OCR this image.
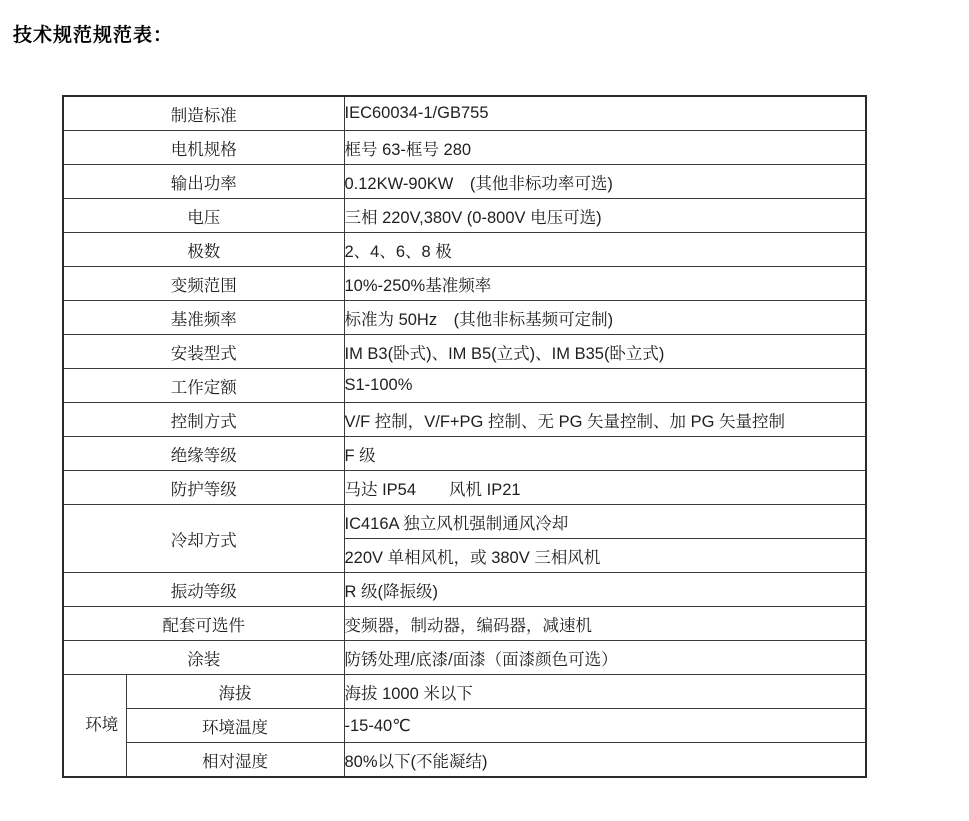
技术规范规范表：
制造标准		IEC60034-1/GB755
电机规格		框号 63-框号 280
输出功率		0.12KW-90KW　(其他非标功率可选)
电压		三相 220V,380V (0-800V 电压可选)
极数		2、4、6、8 极
变频范围		10%-250%基准频率
基准频率		标准为 50Hz　(其他非标基频可定制)
安装型式		IM B3(卧式)、IM B5(立式)、IM B35(卧立式)
工作定额		S1-100%
控制方式		V/F 控制，V/F+PG 控制、无 PG 矢量控制、加 PG 矢量控制
绝缘等级		F 级
防护等级		马达 IP54　　风机 IP21
冷却方式		IC416A 独立风机强制通风冷却
		220V 单相风机，或 380V 三相风机
振动等级		R 级(降振级)
配套可选件		变频器，制动器，编码器，减速机
涂装		防锈处理/底漆/面漆（面漆颜色可选）
环境	海拔	海拔 1000 米以下
	环境温度	-15-40℃
	相对湿度	80%以下(不能凝结)
